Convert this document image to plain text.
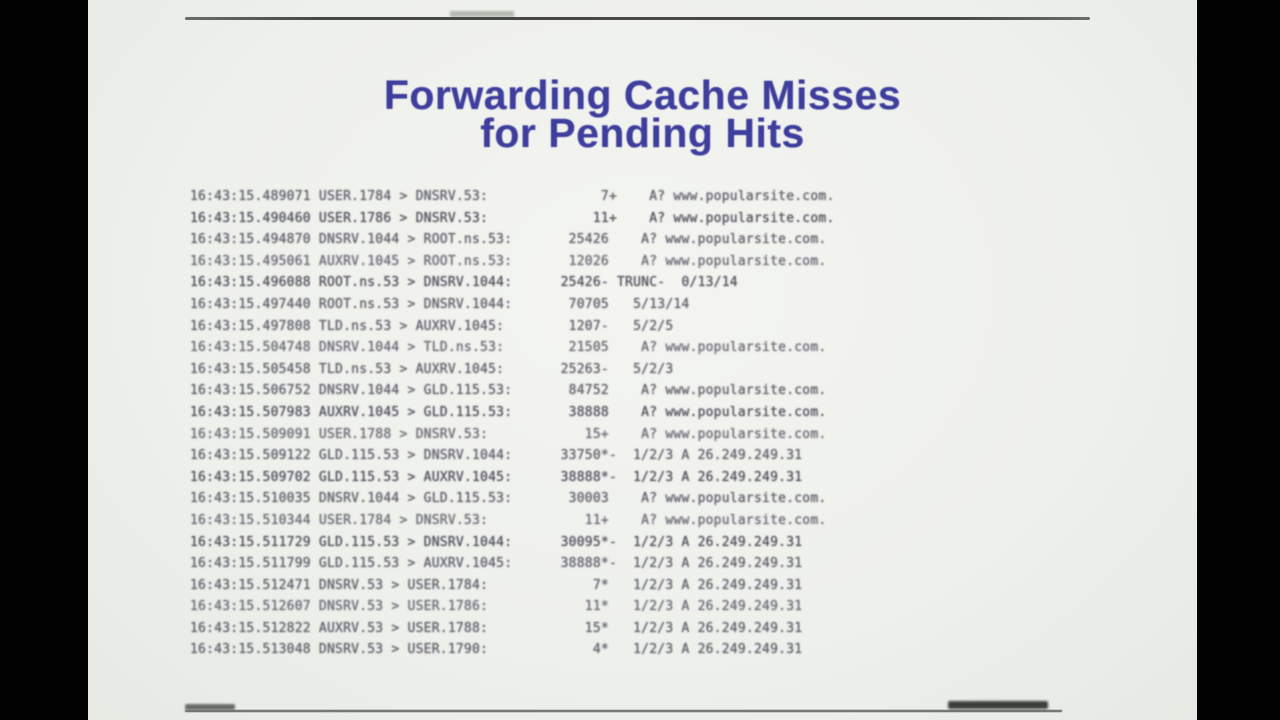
Forwarding Cache Misses
for Pending Hits
16:43:15.489071 USER.1784 > DNSRV.53:              7+    A? www.popularsite.com.
16:43:15.490460 USER.1786 > DNSRV.53:             11+    A? www.popularsite.com.
16:43:15.494870 DNSRV.1044 > ROOT.ns.53:       25426    A? www.popularsite.com.
16:43:15.495061 AUXRV.1045 > ROOT.ns.53:       12026    A? www.popularsite.com.
16:43:15.496088 ROOT.ns.53 > DNSRV.1044:      25426- TRUNC-  0/13/14
16:43:15.497440 ROOT.ns.53 > DNSRV.1044:       70705   5/13/14
16:43:15.497808 TLD.ns.53 > AUXRV.1045:        1207-   5/2/5
16:43:15.504748 DNSRV.1044 > TLD.ns.53:        21505    A? www.popularsite.com.
16:43:15.505458 TLD.ns.53 > AUXRV.1045:       25263-   5/2/3
16:43:15.506752 DNSRV.1044 > GLD.115.53:       84752    A? www.popularsite.com.
16:43:15.507983 AUXRV.1045 > GLD.115.53:       38888    A? www.popularsite.com.
16:43:15.509091 USER.1788 > DNSRV.53:            15+    A? www.popularsite.com.
16:43:15.509122 GLD.115.53 > DNSRV.1044:      33750*-  1/2/3 A 26.249.249.31
16:43:15.509702 GLD.115.53 > AUXRV.1045:      38888*-  1/2/3 A 26.249.249.31
16:43:15.510035 DNSRV.1044 > GLD.115.53:       30003    A? www.popularsite.com.
16:43:15.510344 USER.1784 > DNSRV.53:            11+    A? www.popularsite.com.
16:43:15.511729 GLD.115.53 > DNSRV.1044:      30095*-  1/2/3 A 26.249.249.31
16:43:15.511799 GLD.115.53 > AUXRV.1045:      38888*-  1/2/3 A 26.249.249.31
16:43:15.512471 DNSRV.53 > USER.1784:             7*   1/2/3 A 26.249.249.31
16:43:15.512607 DNSRV.53 > USER.1786:            11*   1/2/3 A 26.249.249.31
16:43:15.512822 AUXRV.53 > USER.1788:            15*   1/2/3 A 26.249.249.31
16:43:15.513048 DNSRV.53 > USER.1790:             4*   1/2/3 A 26.249.249.31
